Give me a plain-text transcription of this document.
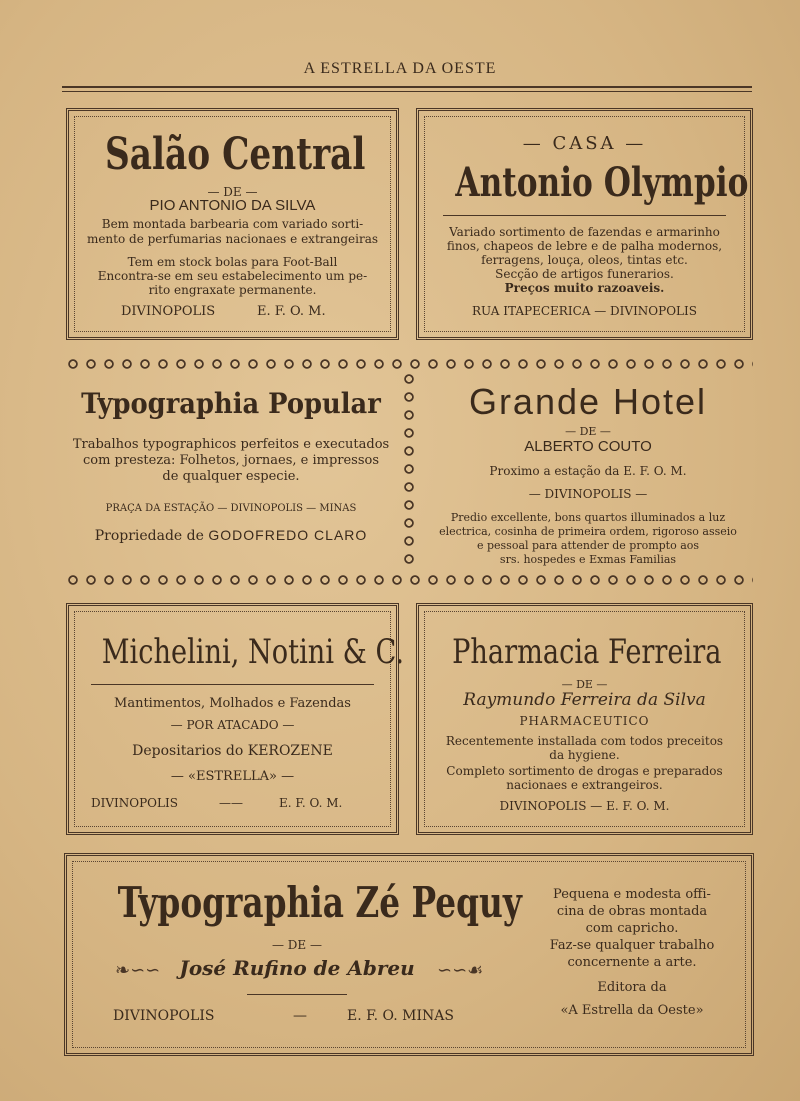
A ESTRELLA DA OESTE
Salão Central
— DE —
PIO ANTONIO DA SILVA
Bem montada barbearia com variado sorti-
mento de perfumarias nacionaes e extrangeiras
Tem em stock bolas para Foot-Ball
Encontra-se em seu estabelecimento um pe-
rito engraxate permanente.
DIVINOPOLIS	E. F. O. M.
— CASA —
Antonio Olympio
Variado sortimento de fazendas e armarinho
finos, chapeos de lebre e de palha modernos,
ferragens, louça, oleos, tintas etc.
Secção de artigos funerarios.
Preços muito razoaveis.
RUA ITAPECERICA — DIVINOPOLIS
Typographia Popular
Trabalhos typographicos perfeitos e executados
com presteza: Folhetos, jornaes, e impressos
de qualquer especie.
PRAÇA DA ESTAÇÃO — DIVINOPOLIS — MINAS
Propriedade de GODOFREDO CLARO
Grande Hotel
— DE —
ALBERTO COUTO
Proximo a estação da E. F. O. M.
— DIVINOPOLIS —
Predio excellente, bons quartos illuminados a luz
electrica, cosinha de primeira ordem, rigoroso asseio
e pessoal para attender de prompto aos
srs. hospedes e Exmas Familias
Michelini, Notini & C.
Mantimentos, Molhados e Fazendas
— POR ATACADO —
Depositarios do KEROZENE
— «ESTRELLA» —
DIVINOPOLIS	——	E. F. O. M.
Pharmacia Ferreira
— DE —
Raymundo Ferreira da Silva
PHARMACEUTICO
Recentemente installada com todos preceitos
da hygiene.
Completo sortimento de drogas e preparados
nacionaes e extrangeiros.
DIVINOPOLIS — E. F. O. M.
Typographia Zé Pequy
— DE —
❧∽∽ José Rufino de Abreu	∽∽☙
DIVINOPOLIS	—	E. F. O. MINAS
Pequena e modesta offi-
cina de obras montada
com capricho.
Faz-se qualquer trabalho
concernente a arte.
Editora da
«A Estrella da Oeste»
